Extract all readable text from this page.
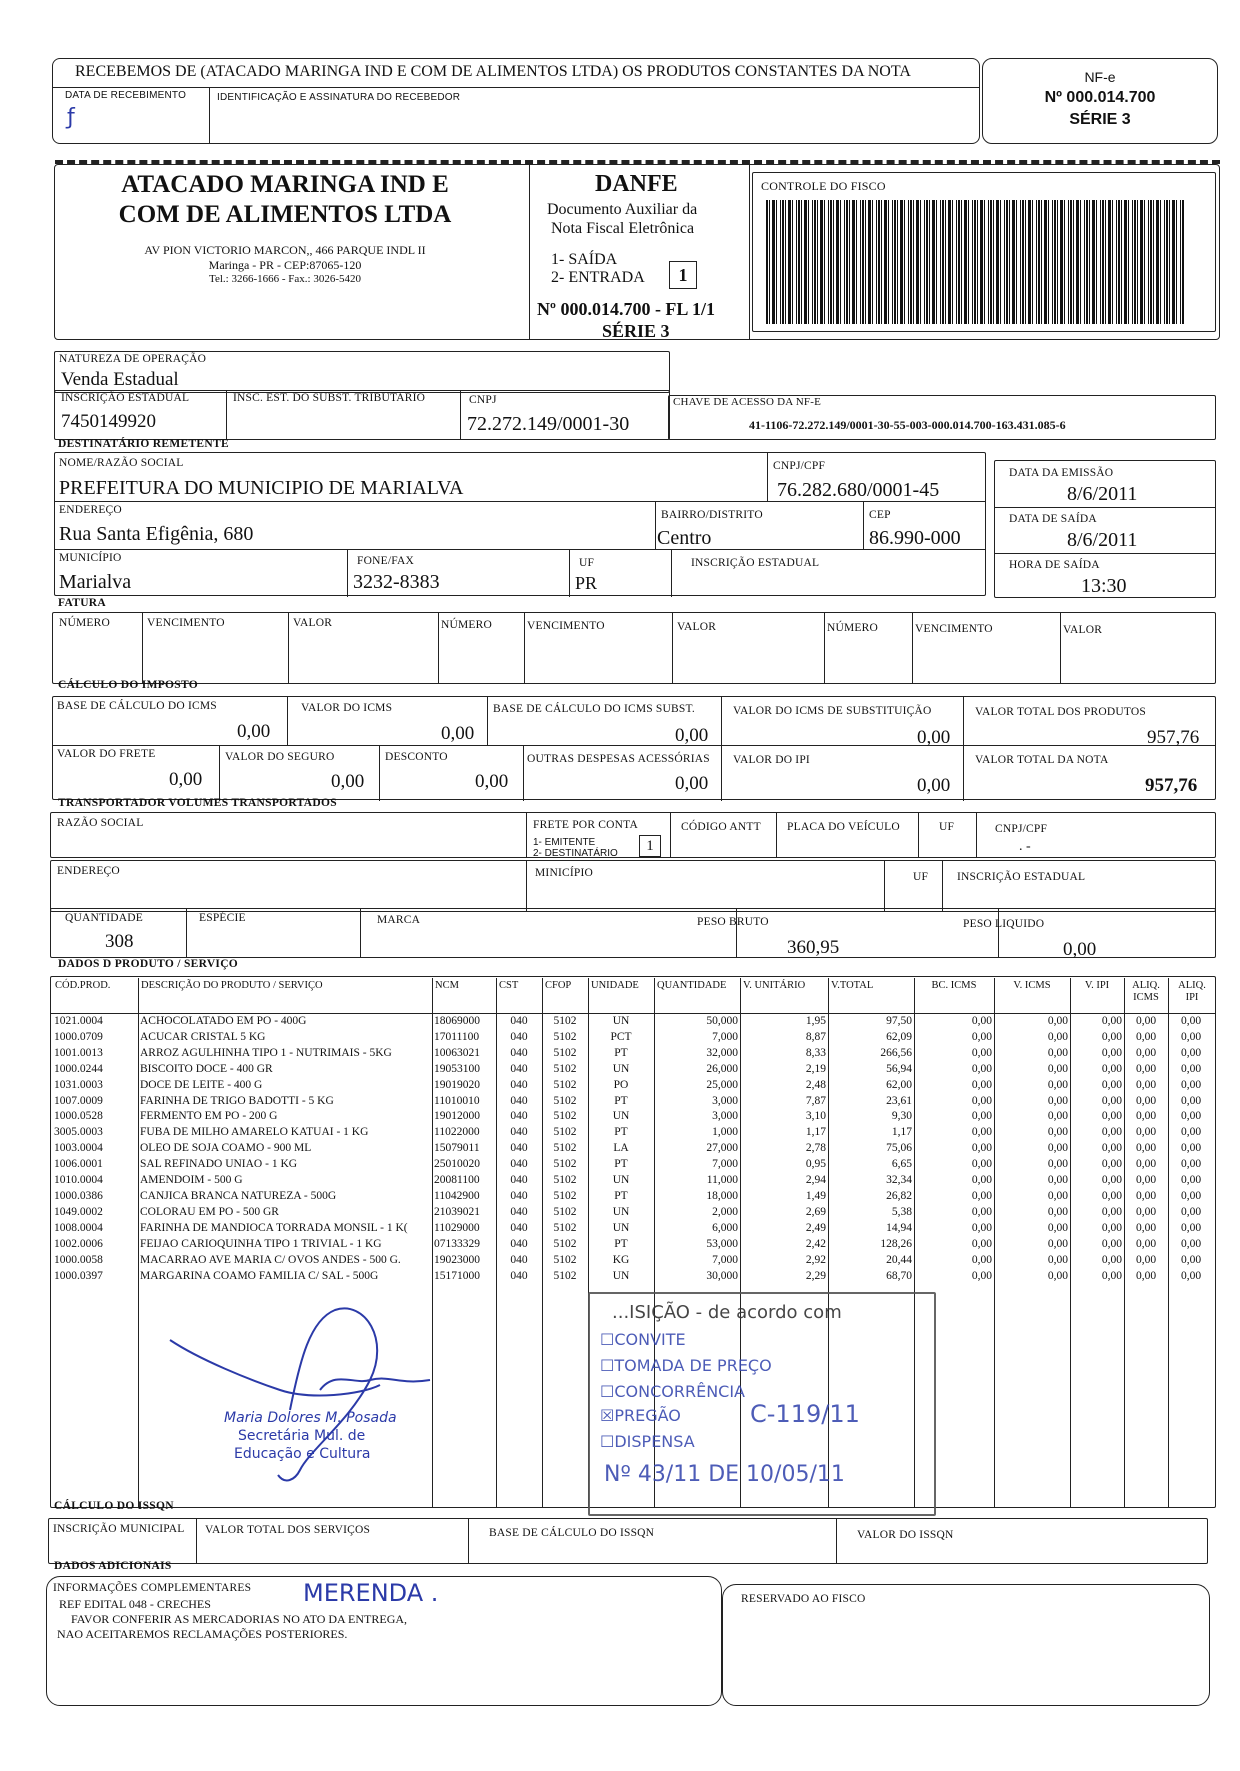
RECEBEMOS DE (ATACADO MARINGA IND E COM DE ALIMENTOS LTDA) OS PRODUTOS CONSTANTES DA NOTA
DATA DE RECEBIMENTO	IDENTIFICAÇÃO E ASSINATURA DO RECEBEDOR
ƒ
NF-e
Nº 000.014.700
SÉRIE 3
ATACADO MARINGA IND E
COM DE ALIMENTOS LTDA
AV PION VICTORIO MARCON,, 466 PARQUE INDL II
Maringa - PR - CEP:87065-120
Tel.: 3266-1666 - Fax.: 3026-5420
DANFE
Documento Auxiliar da
Nota Fiscal Eletrônica
1- SAÍDA
2- ENTRADA	1
Nº 000.014.700 - FL 1/1
SÉRIE 3
CONTROLE DO FISCO
NATUREZA DE OPERAÇÃO
Venda Estadual
INSCRIÇÃO ESTADUAL
7450149920
INSC. EST. DO SUBST. TRIBUTARIO	CNPJ
72.272.149/0001-30
CHAVE DE ACESSO DA NF-E
41-1106-72.272.149/0001-30-55-003-000.014.700-163.431.085-6
DESTINATÁRIO REMETENTE
NOME/RAZÃO SOCIAL
PREFEITURA DO MUNICIPIO DE MARIALVA
CNPJ/CPF
76.282.680/0001-45
ENDEREÇO
Rua Santa Efigênia, 680
BAIRRO/DISTRITO
Centro
CEP
86.990-000
MUNICÍPIO
Marialva
FONE/FAX
3232-8383
UF
PR
INSCRIÇÃO ESTADUAL
DATA DA EMISSÃO
8/6/2011
DATA DE SAÍDA
8/6/2011
HORA DE SAÍDA
13:30
FATURA
NÚMERO	VENCIMENTO	VALOR	NÚMERO	VENCIMENTO	VALOR	NÚMERO	VENCIMENTO	VALOR
CÁLCULO DO IMPOSTO
BASE DE CÁLCULO DO ICMS
0,00
VALOR DO ICMS
0,00
BASE DE CÁLCULO DO ICMS SUBST.
0,00
VALOR DO ICMS DE SUBSTITUIÇÃO
0,00
VALOR TOTAL DOS PRODUTOS
957,76
VALOR DO FRETE
0,00
VALOR DO SEGURO
0,00
DESCONTO
0,00
OUTRAS DESPESAS ACESSÓRIAS
0,00
VALOR DO IPI
0,00
VALOR TOTAL DA NOTA
957,76
TRANSPORTADOR VOLUMES TRANSPORTADOS
RAZÃO SOCIAL	FRETE POR CONTA
1- EMITENTE
2- DESTINATÁRIO	1
CÓDIGO ANTT PLACA DO VEÍCULO	UF	CNPJ/CPF
. -
ENDEREÇO	MINICÍPIO	UF	INSCRIÇÃO ESTADUAL
QUANTIDADE
308
ESPÉCIE	MARCA	PESO BRUTO
360,95
PESO LIQUIDO
0,00
DADOS D PRODUTO / SERVIÇO
CÓD.PROD.	DESCRIÇÃO DO PRODUTO / SERVIÇO	NCM	CST	CFOP	UNIDADE	QUANTIDADE	V. UNITÁRIO	V.TOTAL	BC. ICMS	V. ICMS	V. IPI	ALIQ. ICMS
ALIQ. IPI
1021.0004	ACHOCOLATADO EM PO - 400G	18069000	040	5102	UN	50,000	1,95	97,50	0,00	0,00	0,00	0,00	0,00
1000.0709	ACUCAR CRISTAL 5 KG	17011100	040	5102	PCT	7,000	8,87	62,09	0,00	0,00	0,00	0,00	0,00
1001.0013	ARROZ AGULHINHA TIPO 1 - NUTRIMAIS - 5KG	10063021	040	5102	PT	32,000	8,33	266,56	0,00	0,00	0,00	0,00	0,00
1000.0244	BISCOITO DOCE - 400 GR	19053100	040	5102	UN	26,000	2,19	56,94	0,00	0,00	0,00	0,00	0,00
1031.0003	DOCE DE LEITE - 400 G	19019020	040	5102	PO	25,000	2,48	62,00	0,00	0,00	0,00	0,00	0,00
1007.0009	FARINHA DE TRIGO BADOTTI - 5 KG	11010010	040	5102	PT	3,000	7,87	23,61	0,00	0,00	0,00	0,00	0,00
1000.0528	FERMENTO EM PO - 200 G	19012000	040	5102	UN	3,000	3,10	9,30	0,00	0,00	0,00	0,00	0,00
3005.0003	FUBA DE MILHO AMARELO KATUAI - 1 KG	11022000	040	5102	PT	1,000	1,17	1,17	0,00	0,00	0,00	0,00	0,00
1003.0004	OLEO DE SOJA COAMO - 900 ML	15079011	040	5102	LA	27,000	2,78	75,06	0,00	0,00	0,00	0,00	0,00
1006.0001	SAL REFINADO UNIAO - 1 KG	25010020	040	5102	PT	7,000	0,95	6,65	0,00	0,00	0,00	0,00	0,00
1010.0004	AMENDOIM - 500 G	20081100	040	5102	UN	11,000	2,94	32,34	0,00	0,00	0,00	0,00	0,00
1000.0386	CANJICA BRANCA NATUREZA - 500G	11042900	040	5102	PT	18,000	1,49	26,82	0,00	0,00	0,00	0,00	0,00
1049.0002	COLORAU EM PO - 500 GR	21039021	040	5102	UN	2,000	2,69	5,38	0,00	0,00	0,00	0,00	0,00
1008.0004	FARINHA DE MANDIOCA TORRADA MONSIL - 1 K(	11029000	040	5102	UN	6,000	2,49	14,94	0,00	0,00	0,00	0,00	0,00
1002.0006	FEIJAO CARIOQUINHA TIPO 1 TRIVIAL - 1 KG	07133329	040	5102	PT	53,000	2,42	128,26	0,00	0,00	0,00	0,00	0,00
1000.0058	MACARRAO AVE MARIA C/ OVOS ANDES - 500 G.	19023000	040	5102	KG	7,000	2,92	20,44	0,00	0,00	0,00	0,00	0,00
1000.0397	MARGARINA COAMO FAMILIA C/ SAL - 500G	15171000	040	5102	UN	30,000	2,29	68,70	0,00	0,00	0,00	0,00	0,00
Maria Dolores M. Posada
Secretária Mul. de
Educação e Cultura
...ISIÇÃO - de acordo com
☐CONVITE
☐TOMADA DE PREÇO
☐CONCORRÊNCIA
☒PREGÃO	C-119/11
☐DISPENSA
Nº 43/11 DE 10/05/11
CÁLCULO DO ISSQN
INSCRIÇÃO MUNICIPAL VALOR TOTAL DOS SERVIÇOS	BASE DE CÁLCULO DO ISSQN	VALOR DO ISSQN
DADOS ADICIONAIS
INFORMAÇÕES COMPLEMENTARES
REF EDITAL 048 - CRECHES
FAVOR CONFERIR AS MERCADORIAS NO ATO DA ENTREGA,
NAO ACEITAREMOS RECLAMAÇÕES POSTERIORES.
MERENDA .	RESERVADO AO FISCO
